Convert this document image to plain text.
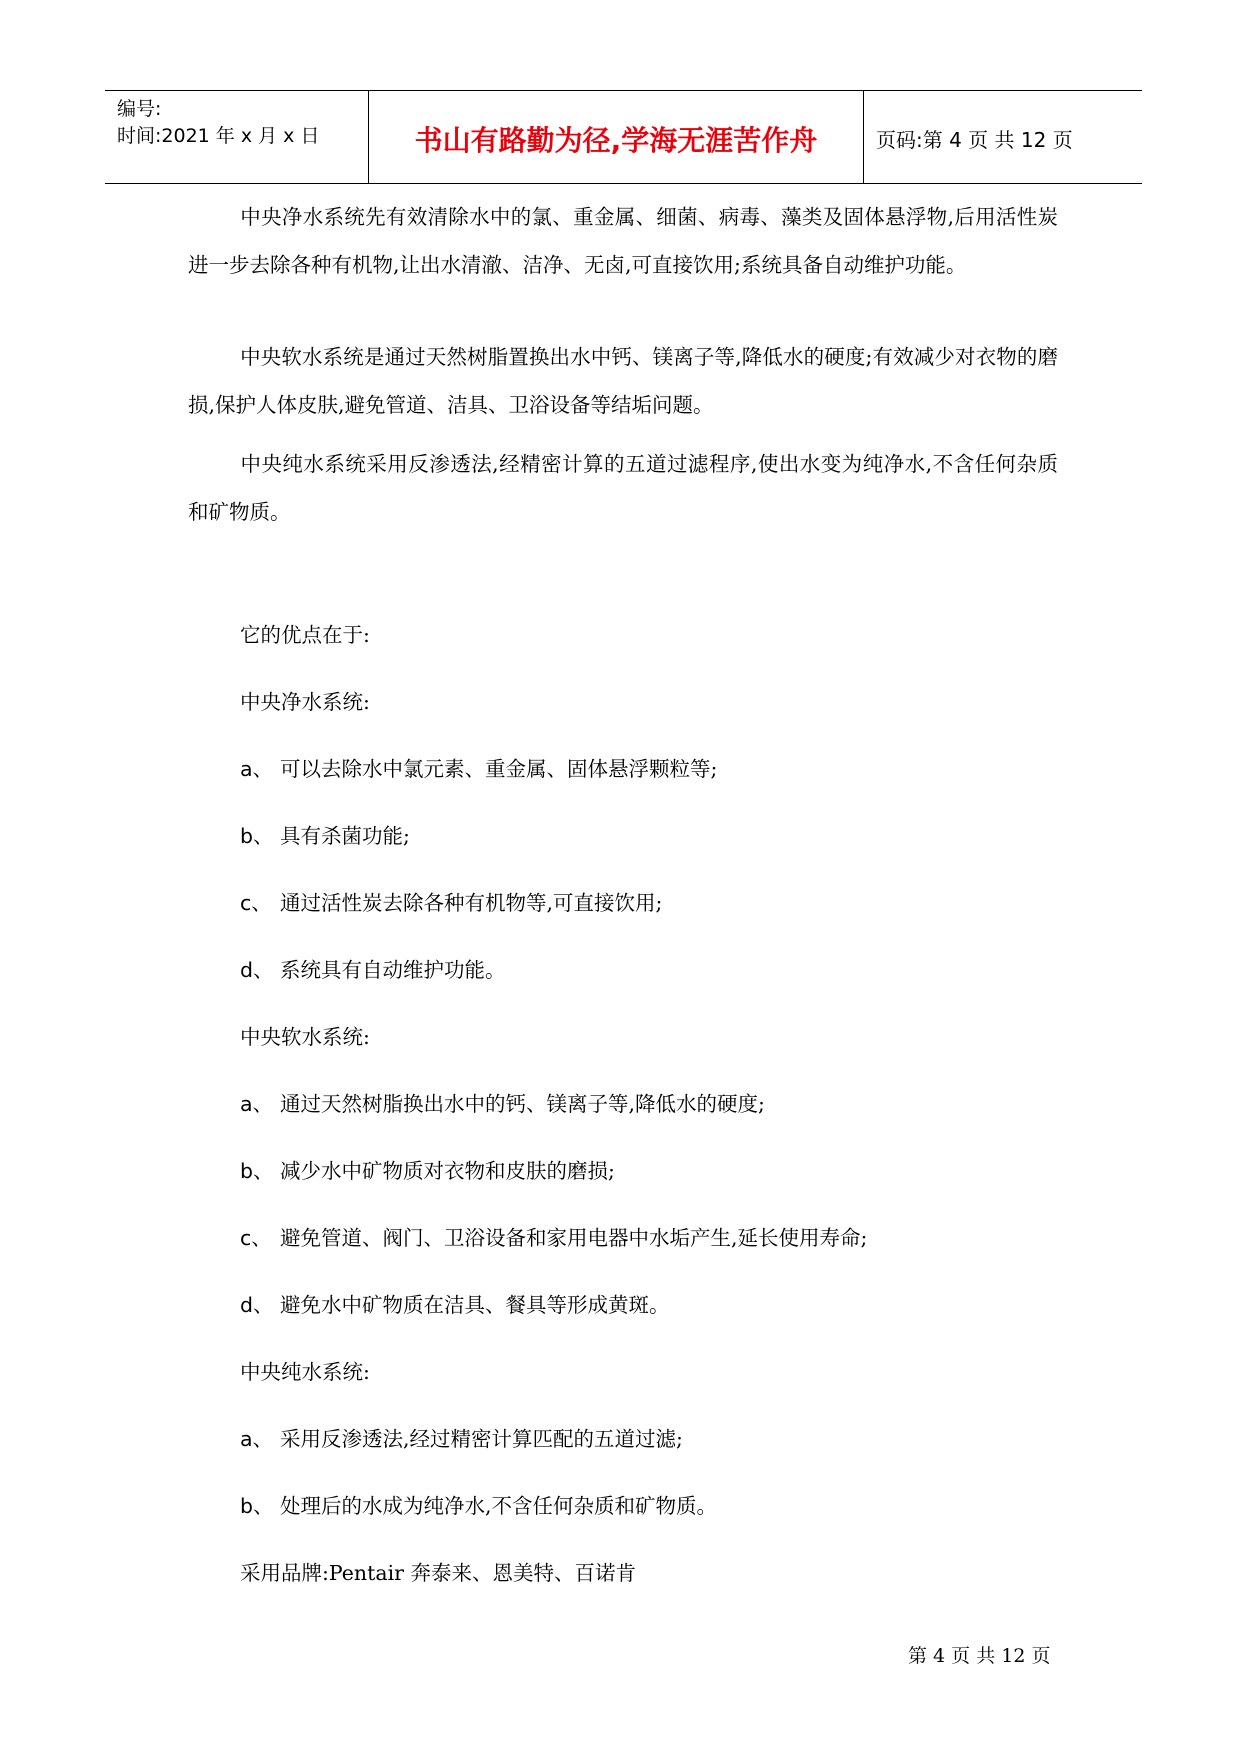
编号:
时间:2021 年 x 月 x 日	书山有路勤为径,学海无涯苦作舟	页码:第 4 页 共 12 页

中央净水系统先有效清除水中的氯、重金属、细菌、病毒、藻类及固体悬浮物,后用活性炭进一步去除各种有机物,让出水清澈、洁净、无卤,可直接饮用;系统具备自动维护功能。

中央软水系统是通过天然树脂置换出水中钙、镁离子等,降低水的硬度;有效减少对衣物的磨损,保护人体皮肤,避免管道、洁具、卫浴设备等结垢问题。

中央纯水系统采用反渗透法,经精密计算的五道过滤程序,使出水变为纯净水,不含任何杂质和矿物质。

它的优点在于:
中央净水系统:
a、 可以去除水中氯元素、重金属、固体悬浮颗粒等;
b、 具有杀菌功能;
c、 通过活性炭去除各种有机物等,可直接饮用;
d、 系统具有自动维护功能。
中央软水系统:
a、 通过天然树脂换出水中的钙、镁离子等,降低水的硬度;
b、 减少水中矿物质对衣物和皮肤的磨损;
c、 避免管道、阀门、卫浴设备和家用电器中水垢产生,延长使用寿命;
d、 避免水中矿物质在洁具、餐具等形成黄斑。
中央纯水系统:
a、 采用反渗透法,经过精密计算匹配的五道过滤;
b、 处理后的水成为纯净水,不含任何杂质和矿物质。
采用品牌:Pentair 奔泰来、恩美特、百诺肯
第 4 页 共 12 页
